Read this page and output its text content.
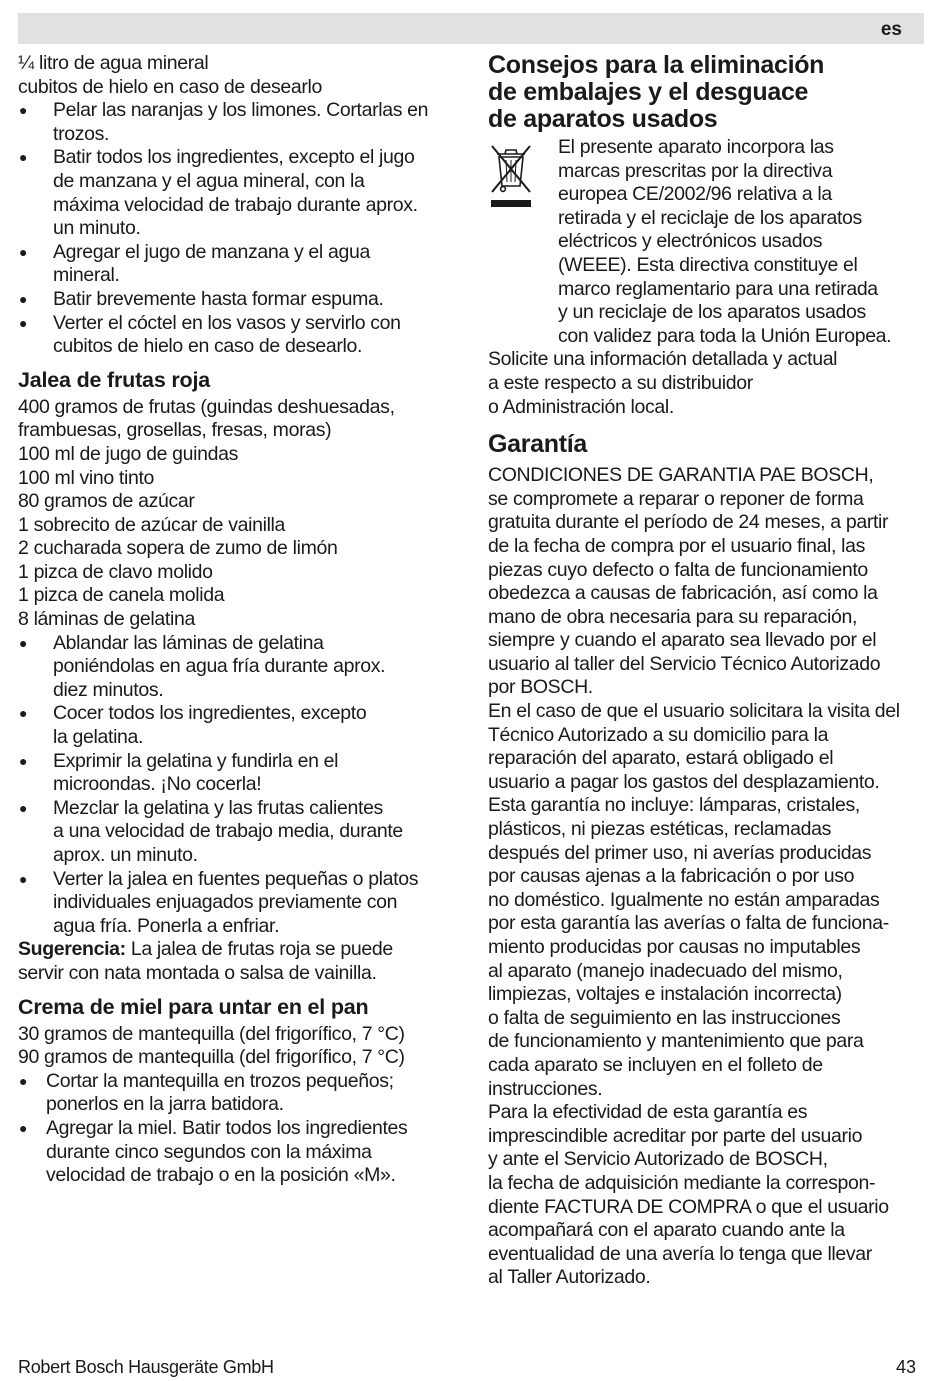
es
¼ litro de agua mineral
cubitos de hielo en caso de desearlo
● Pelar las naranjas y los limones. Cortarlas en
trozos.
● Batir todos los ingredientes, excepto el jugo
de manzana y el agua mineral, con la
máxima velocidad de trabajo durante aprox.
un minuto.
● Agregar el jugo de manzana y el agua
mineral.
● Batir brevemente hasta formar espuma.
● Verter el cóctel en los vasos y servirlo con
cubitos de hielo en caso de desearlo.
Jalea de frutas roja
400 gramos de frutas (guindas deshuesadas,
frambuesas, grosellas, fresas, moras)
100 ml de jugo de guindas
100 ml vino tinto
80 gramos de azúcar
1 sobrecito de azúcar de vainilla
2 cucharada sopera de zumo de limón
1 pizca de clavo molido
1 pizca de canela molida
8 láminas de gelatina
● Ablandar las láminas de gelatina
poniéndolas en agua fría durante aprox.
diez minutos.
● Cocer todos los ingredientes, excepto
la gelatina.
● Exprimir la gelatina y fundirla en el
microondas. ¡No cocerla!
● Mezclar la gelatina y las frutas calientes
a una velocidad de trabajo media, durante
aprox. un minuto.
● Verter la jalea en fuentes pequeñas o platos
individuales enjuagados previamente con
agua fría. Ponerla a enfriar.
Sugerencia: La jalea de frutas roja se puede
servir con nata montada o salsa de vainilla.
Crema de miel para untar en el pan
30 gramos de mantequilla (del frigorífico, 7 °C)
90 gramos de mantequilla (del frigorífico, 7 °C)
● Cortar la mantequilla en trozos pequeños;
ponerlos en la jarra batidora.
● Agregar la miel. Batir todos los ingredientes
durante cinco segundos con la máxima
velocidad de trabajo o en la posición «M».
Consejos para la eliminación
de embalajes y el desguace
de aparatos usados
El presente aparato incorpora las
marcas prescritas por la directiva
europea CE/2002/96 relativa a la
retirada y el reciclaje de los aparatos
eléctricos y electrónicos usados
(WEEE). Esta directiva constituye el
marco reglamentario para una retirada
y un reciclaje de los aparatos usados
con validez para toda la Unión Europea.
Solicite una información detallada y actual
a este respecto a su distribuidor
o Administración local.
Garantía
CONDICIONES DE GARANTIA PAE BOSCH,
se compromete a reparar o reponer de forma
gratuita durante el período de 24 meses, a partir
de la fecha de compra por el usuario final, las
piezas cuyo defecto o falta de funcionamiento
obedezca a causas de fabricación, así como la
mano de obra necesaria para su reparación,
siempre y cuando el aparato sea llevado por el
usuario al taller del Servicio Técnico Autorizado
por BOSCH.
En el caso de que el usuario solicitara la visita del
Técnico Autorizado a su domicilio para la
reparación del aparato, estará obligado el
usuario a pagar los gastos del desplazamiento.
Esta garantía no incluye: lámparas, cristales,
plásticos, ni piezas estéticas, reclamadas
después del primer uso, ni averías producidas
por causas ajenas a la fabricación o por uso
no doméstico. Igualmente no están amparadas
por esta garantía las averías o falta de funciona-
miento producidas por causas no imputables
al aparato (manejo inadecuado del mismo,
limpiezas, voltajes e instalación incorrecta)
o falta de seguimiento en las instrucciones
de funcionamiento y mantenimiento que para
cada aparato se incluyen en el folleto de
instrucciones.
Para la efectividad de esta garantía es
imprescindible acreditar por parte del usuario
y ante el Servicio Autorizado de BOSCH,
la fecha de adquisición mediante la correspon-
diente FACTURA DE COMPRA o que el usuario
acompañará con el aparato cuando ante la
eventualidad de una avería lo tenga que llevar
al Taller Autorizado.
Robert Bosch Hausgeräte GmbH	43
